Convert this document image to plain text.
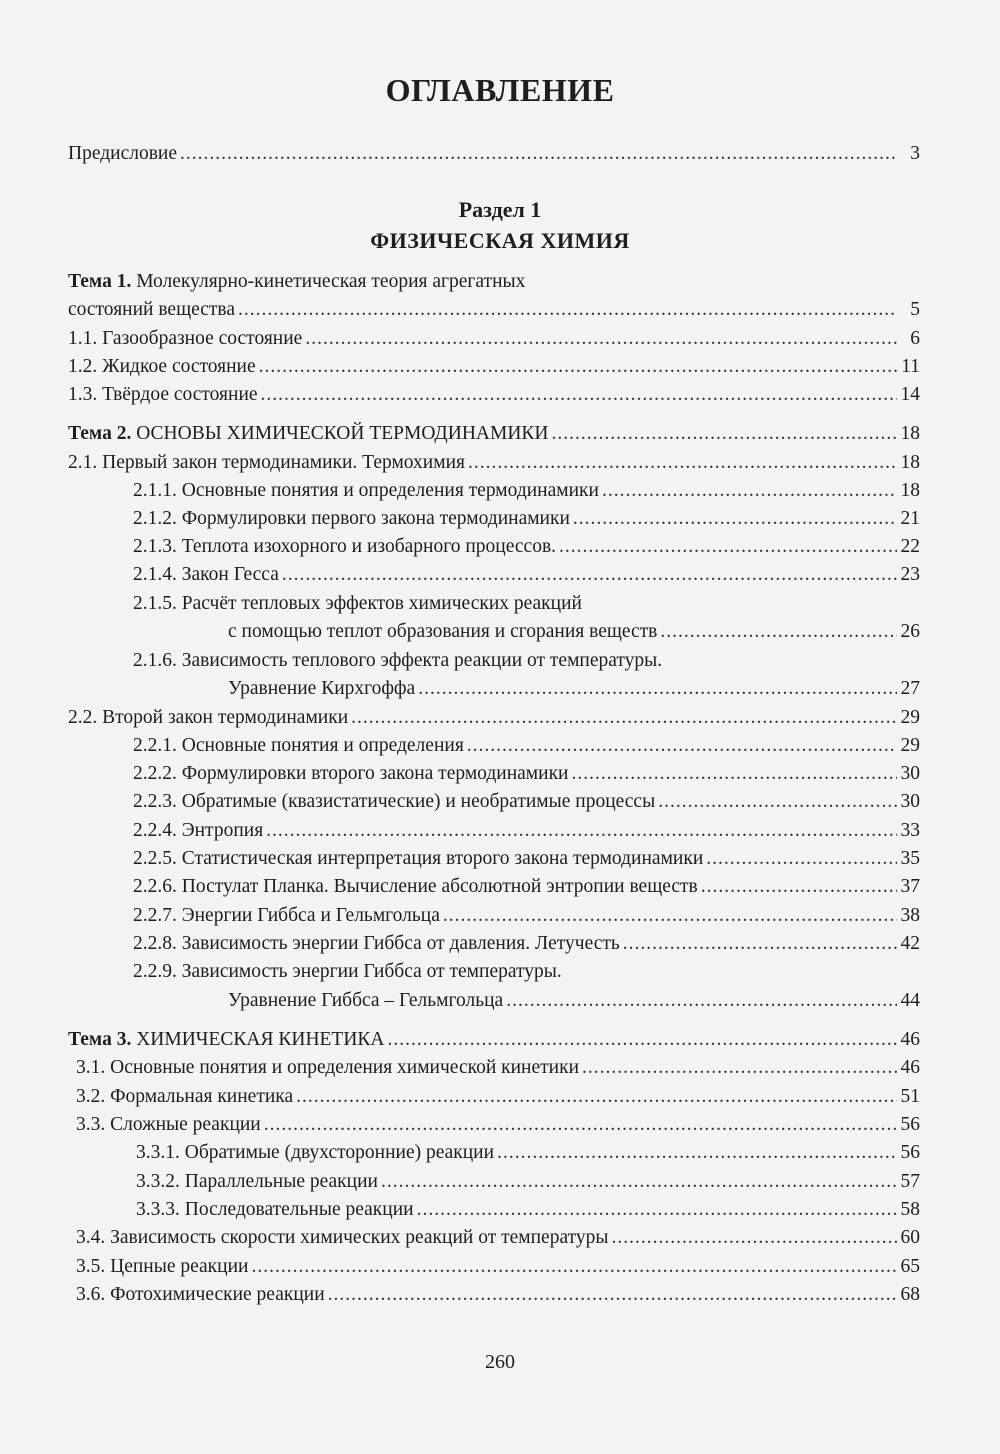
ОГЛАВЛЕНИЕ
Предисловие .....	3
Раздел 1
ФИЗИЧЕСКАЯ ХИМИЯ
Тема 1. Молекулярно-кинетическая теория агрегатных
состояний вещества .....	5
1.1. Газообразное состояние .....	6
1.2. Жидкое состояние .....	11
1.3. Твёрдое состояние .....	14
Тема 2. ОСНОВЫ ХИМИЧЕСКОЙ ТЕРМОДИНАМИКИ .....	18
2.1. Первый закон термодинамики. Термохимия .....	18
2.1.1. Основные понятия и определения термодинамики .....	18
2.1.2. Формулировки первого закона термодинамики .....	21
2.1.3. Теплота изохорного и изобарного процессов. .....	22
2.1.4. Закон Гесса .....	23
2.1.5. Расчёт тепловых эффектов химических реакций
с помощью теплот образования и сгорания веществ .....	26
2.1.6. Зависимость теплового эффекта реакции от температуры.
Уравнение Кирхгоффа .....	27
2.2. Второй закон термодинамики .....	29
2.2.1. Основные понятия и определения .....	29
2.2.2. Формулировки второго закона термодинамики .....	30
2.2.3. Обратимые (квазистатические) и необратимые процессы .....	30
2.2.4. Энтропия .....	33
2.2.5. Статистическая интерпретация второго закона термодинамики .....	35
2.2.6. Постулат Планка. Вычисление абсолютной энтропии веществ .....	37
2.2.7. Энергии Гиббса и Гельмгольца .....	38
2.2.8. Зависимость энергии Гиббса от давления. Летучесть .....	42
2.2.9. Зависимость энергии Гиббса от температуры.
Уравнение Гиббса – Гельмгольца .....	44
Тема 3. ХИМИЧЕСКАЯ КИНЕТИКА .....	46
3.1. Основные понятия и определения химической кинетики .....	46
3.2. Формальная кинетика .....	51
3.3. Сложные реакции .....	56
3.3.1. Обратимые (двухсторонние) реакции .....	56
3.3.2. Параллельные реакции .....	57
3.3.3. Последовательные реакции .....	58
3.4. Зависимость скорости химических реакций от температуры .....	60
3.5. Цепные реакции .....	65
3.6. Фотохимические реакции .....	68
260
